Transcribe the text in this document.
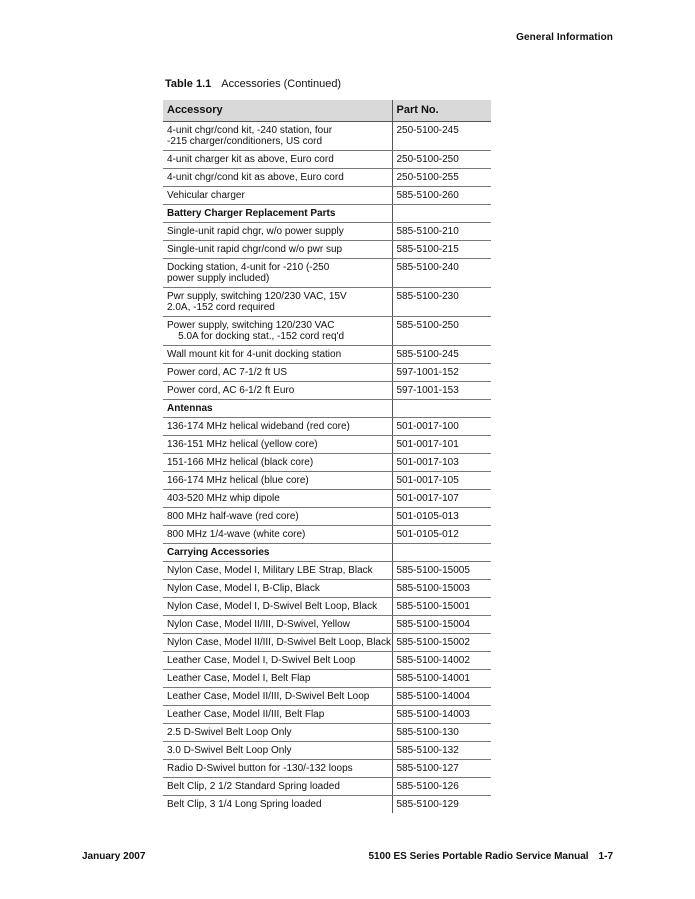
General Information
Table 1.1 Accessories (Continued)
Accessory	Part No.
4-unit chgr/cond kit, -240 station, four
-215 charger/conditioners, US cord	250-5100-245
4-unit charger kit as above, Euro cord	250-5100-250
4-unit chgr/cond kit as above, Euro cord	250-5100-255
Vehicular charger	585-5100-260
Battery Charger Replacement Parts	
Single-unit rapid chgr, w/o power supply	585-5100-210
Single-unit rapid chgr/cond w/o pwr sup	585-5100-215
Docking station, 4-unit for -210 (-250
power supply included)	585-5100-240
Pwr supply, switching 120/230 VAC, 15V
2.0A, -152 cord required	585-5100-230
Power supply, switching 120/230 VAC
5.0A for docking stat., -152 cord req'd	585-5100-250
Wall mount kit for 4-unit docking station	585-5100-245
Power cord, AC 7-1/2 ft US	597-1001-152
Power cord, AC 6-1/2 ft Euro	597-1001-153
Antennas	
136-174 MHz helical wideband (red core)	501-0017-100
136-151 MHz helical (yellow core)	501-0017-101
151-166 MHz helical (black core)	501-0017-103
166-174 MHz helical (blue core)	501-0017-105
403-520 MHz whip dipole	501-0017-107
800 MHz half-wave (red core)	501-0105-013
800 MHz 1/4-wave (white core)	501-0105-012
Carrying Accessories	
Nylon Case, Model I, Military LBE Strap, Black	585-5100-15005
Nylon Case, Model I, B-Clip, Black	585-5100-15003
Nylon Case, Model I, D-Swivel Belt Loop, Black	585-5100-15001
Nylon Case, Model II/III, D-Swivel, Yellow	585-5100-15004
Nylon Case, Model II/III, D-Swivel Belt Loop, Black	585-5100-15002
Leather Case, Model I, D-Swivel Belt Loop	585-5100-14002
Leather Case, Model I, Belt Flap	585-5100-14001
Leather Case, Model II/III, D-Swivel Belt Loop	585-5100-14004
Leather Case, Model II/III, Belt Flap	585-5100-14003
2.5 D-Swivel Belt Loop Only	585-5100-130
3.0 D-Swivel Belt Loop Only	585-5100-132
Radio D-Swivel button for -130/-132 loops	585-5100-127
Belt Clip, 2 1/2 Standard Spring loaded	585-5100-126
Belt Clip, 3 1/4 Long Spring loaded	585-5100-129
January 2007	5100 ES Series Portable Radio Service Manual 1-7
